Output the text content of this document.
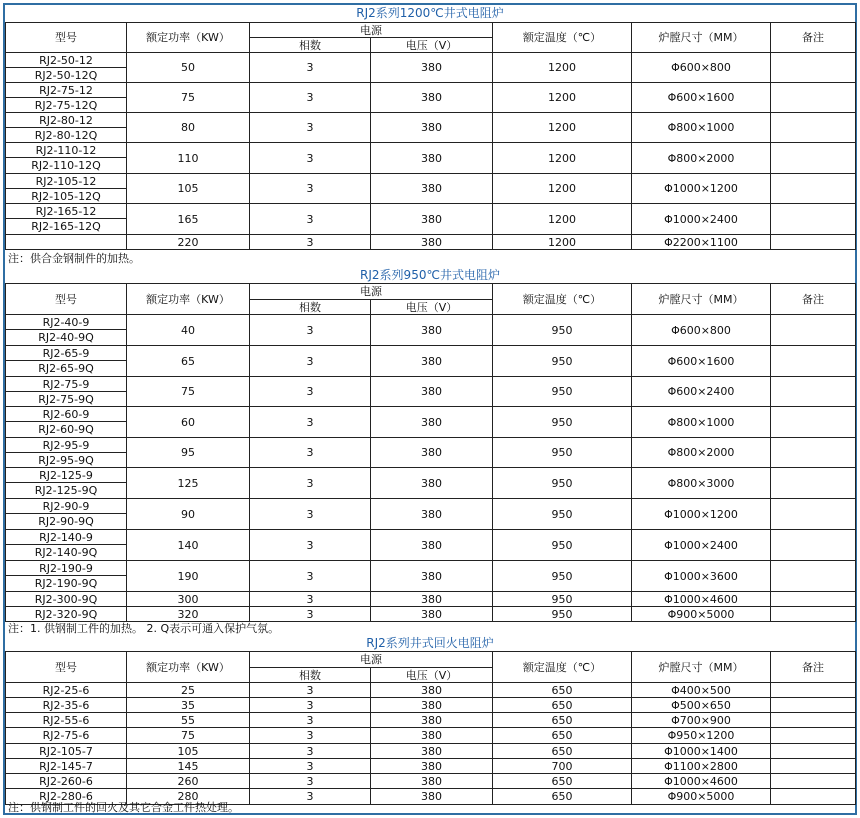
RJ2系列1200℃井式电阻炉
型号	额定功率（KW）	电源		额定温度（℃）	炉膛尺寸（MM）	备注
		相数	电压（V）			
RJ2-50-12	50	3	380	1200	Φ600×800	
RJ2-50-12Q						
RJ2-75-12	75	3	380	1200	Φ600×1600	
RJ2-75-12Q						
RJ2-80-12	80	3	380	1200	Φ800×1000	
RJ2-80-12Q						
RJ2-110-12	110	3	380	1200	Φ800×2000	
RJ2-110-12Q						
RJ2-105-12	105	3	380	1200	Φ1000×1200	
RJ2-105-12Q						
RJ2-165-12	165	3	380	1200	Φ1000×2400	
RJ2-165-12Q						
	220	3	380	1200	Φ2200×1100	
注：供合金钢制件的加热。
RJ2系列950℃井式电阻炉
型号	额定功率（KW）	电源		额定温度（℃）	炉膛尺寸（MM）	备注
		相数	电压（V）			
RJ2-40-9	40	3	380	950	Φ600×800	
RJ2-40-9Q						
RJ2-65-9	65	3	380	950	Φ600×1600	
RJ2-65-9Q						
RJ2-75-9	75	3	380	950	Φ600×2400	
RJ2-75-9Q						
RJ2-60-9	60	3	380	950	Φ800×1000	
RJ2-60-9Q						
RJ2-95-9	95	3	380	950	Φ800×2000	
RJ2-95-9Q						
RJ2-125-9	125	3	380	950	Φ800×3000	
RJ2-125-9Q						
RJ2-90-9	90	3	380	950	Φ1000×1200	
RJ2-90-9Q						
RJ2-140-9	140	3	380	950	Φ1000×2400	
RJ2-140-9Q						
RJ2-190-9	190	3	380	950	Φ1000×3600	
RJ2-190-9Q						
RJ2-300-9Q	300	3	380	950	Φ1000×4600	
RJ2-320-9Q	320	3	380	950	Φ900×5000	
注：1. 供钢制工件的加热。 2. Q表示可通入保护气氛。
RJ2系列井式回火电阻炉
型号	额定功率（KW）	电源		额定温度（℃）	炉膛尺寸（MM）	备注
		相数	电压（V）			
RJ2-25-6	25	3	380	650	Φ400×500	
RJ2-35-6	35	3	380	650	Φ500×650	
RJ2-55-6	55	3	380	650	Φ700×900	
RJ2-75-6	75	3	380	650	Φ950×1200	
RJ2-105-7	105	3	380	650	Φ1000×1400	
RJ2-145-7	145	3	380	700	Φ1100×2800	
RJ2-260-6	260	3	380	650	Φ1000×4600	
RJ2-280-6	280	3	380	650	Φ900×5000	
注：供钢制工件的回火及其它合金工件热处理。
